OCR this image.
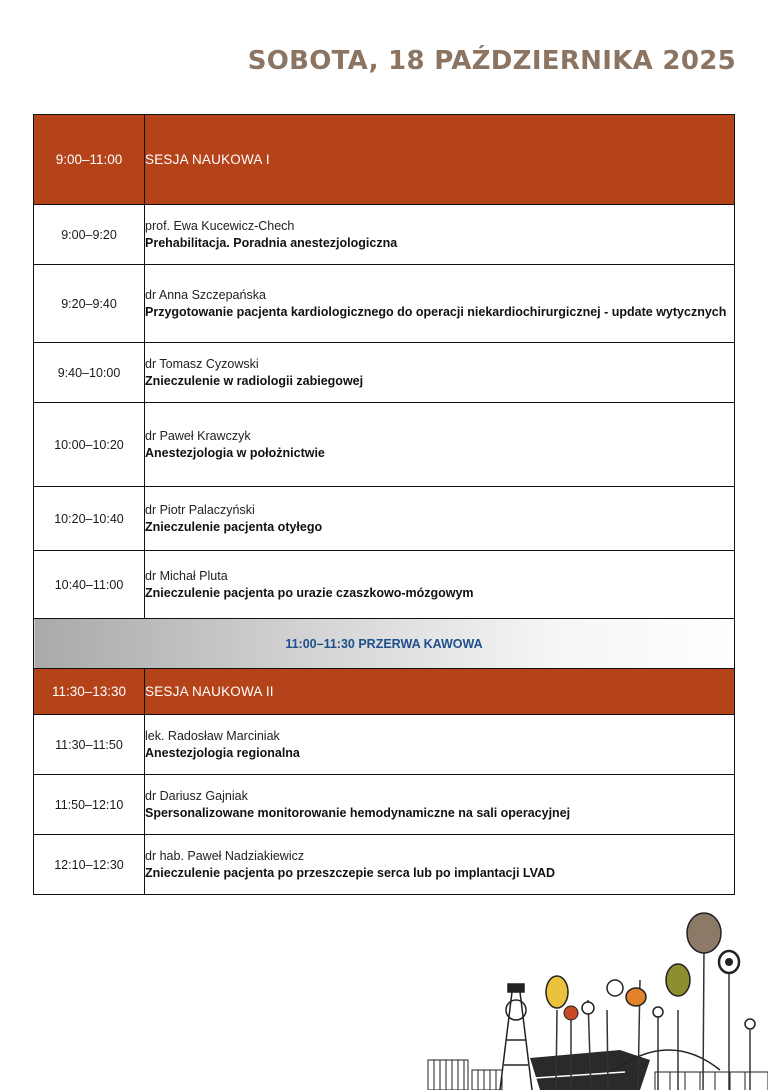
SOBOTA, 18 PAŹDZIERNIKA 2025
9:00–11:00	SESJA NAUKOWA I
9:00–9:20	prof. Ewa Kucewicz-Chech
Prehabilitacja. Poradnia anestezjologiczna

9:20–9:40	dr Anna Szczepańska
Przygotowanie pacjenta kardiologicznego do operacji niekardiochirurgicznej - update wytycznych

9:40–10:00	dr Tomasz Cyzowski
Znieczulenie w radiologii zabiegowej

10:00–10:20	dr Paweł Krawczyk
Anestezjologia w położnictwie

10:20–10:40	dr Piotr Palaczyński
Znieczulenie pacjenta otyłego

10:40–11:00	dr Michał Pluta
Znieczulenie pacjenta po urazie czaszkowo-mózgowym

11:00–11:30 PRZERWA KAWOWA	
11:30–13:30	SESJA NAUKOWA II
11:30–11:50	lek. Radosław Marciniak
Anestezjologia regionalna

11:50–12:10	dr Dariusz Gajniak
Spersonalizowane monitorowanie hemodynamiczne na sali operacyjnej

12:10–12:30	dr hab. Paweł Nadziakiewicz
Znieczulenie pacjenta po przeszczepie serca lub po implantacji LVAD
